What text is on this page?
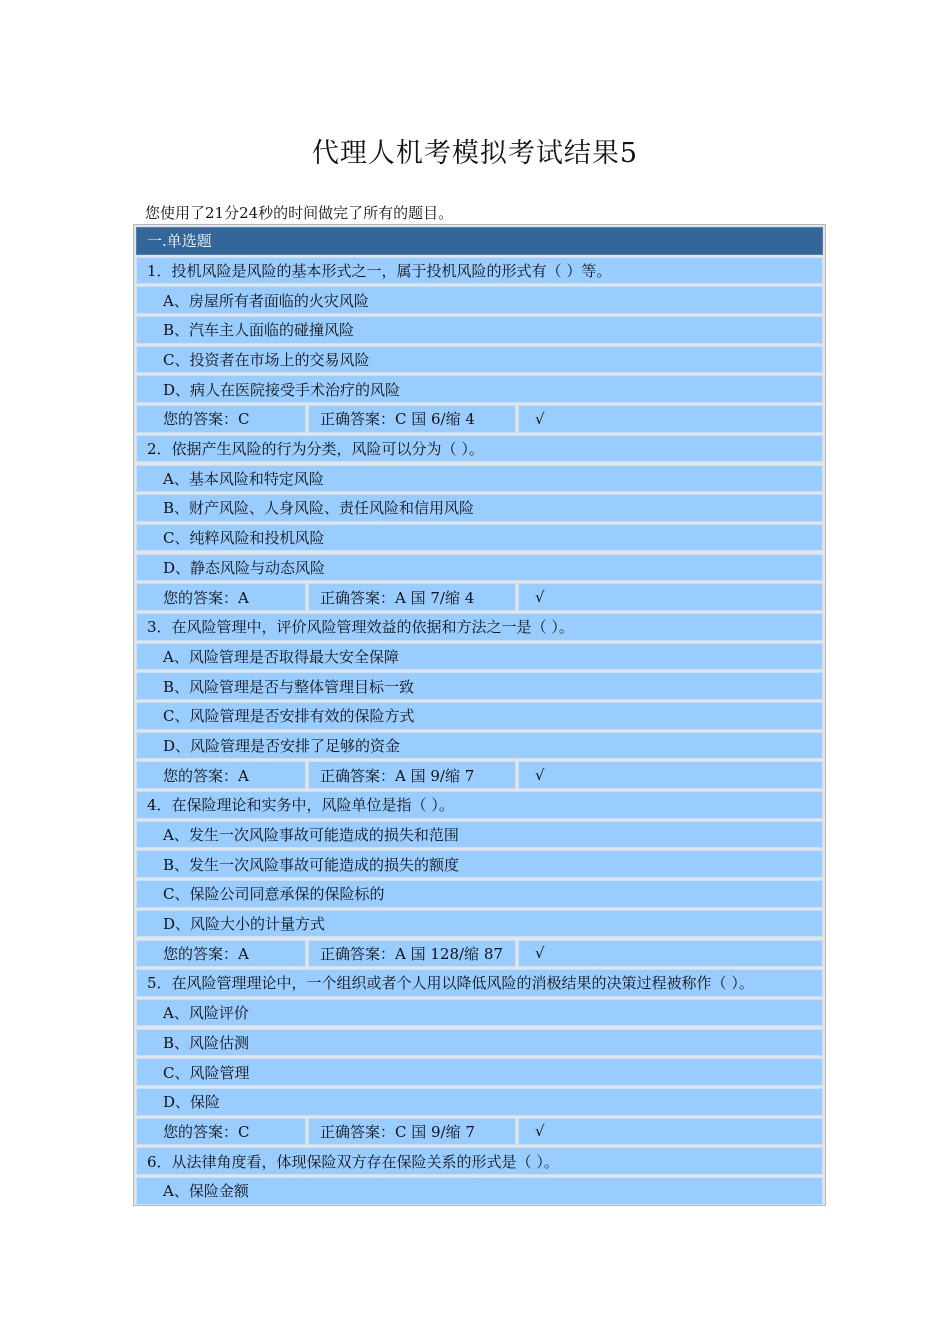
代理人机考模拟考试结果5
您使用了21分24秒的时间做完了所有的题目。
一.单选题
1．投机风险是风险的基本形式之一，属于投机风险的形式有（ ）等。
A、房屋所有者面临的火灾风险
B、汽车主人面临的碰撞风险
C、投资者在市场上的交易风险
D、病人在医院接受手术治疗的风险
您的答案：C	正确答案：C 国 6/缩 4	√
2．依据产生风险的行为分类，风险可以分为（ ）。
A、基本风险和特定风险
B、财产风险、人身风险、责任风险和信用风险
C、纯粹风险和投机风险
D、静态风险与动态风险
您的答案：A	正确答案：A 国 7/缩 4	√
3．在风险管理中，评价风险管理效益的依据和方法之一是（ ）。
A、风险管理是否取得最大安全保障
B、风险管理是否与整体管理目标一致
C、风险管理是否安排有效的保险方式
D、风险管理是否安排了足够的资金
您的答案：A	正确答案：A 国 9/缩 7	√
4．在保险理论和实务中，风险单位是指（ ）。
A、发生一次风险事故可能造成的损失和范围
B、发生一次风险事故可能造成的损失的额度
C、保险公司同意承保的保险标的
D、风险大小的计量方式
您的答案：A	正确答案：A 国 128/缩 87	√
5．在风险管理理论中，一个组织或者个人用以降低风险的消极结果的决策过程被称作（ ）。
A、风险评价
B、风险估测
C、风险管理
D、保险
您的答案：C	正确答案：C 国 9/缩 7	√
6．从法律角度看，体现保险双方存在保险关系的形式是（ ）。
A、保险金额
